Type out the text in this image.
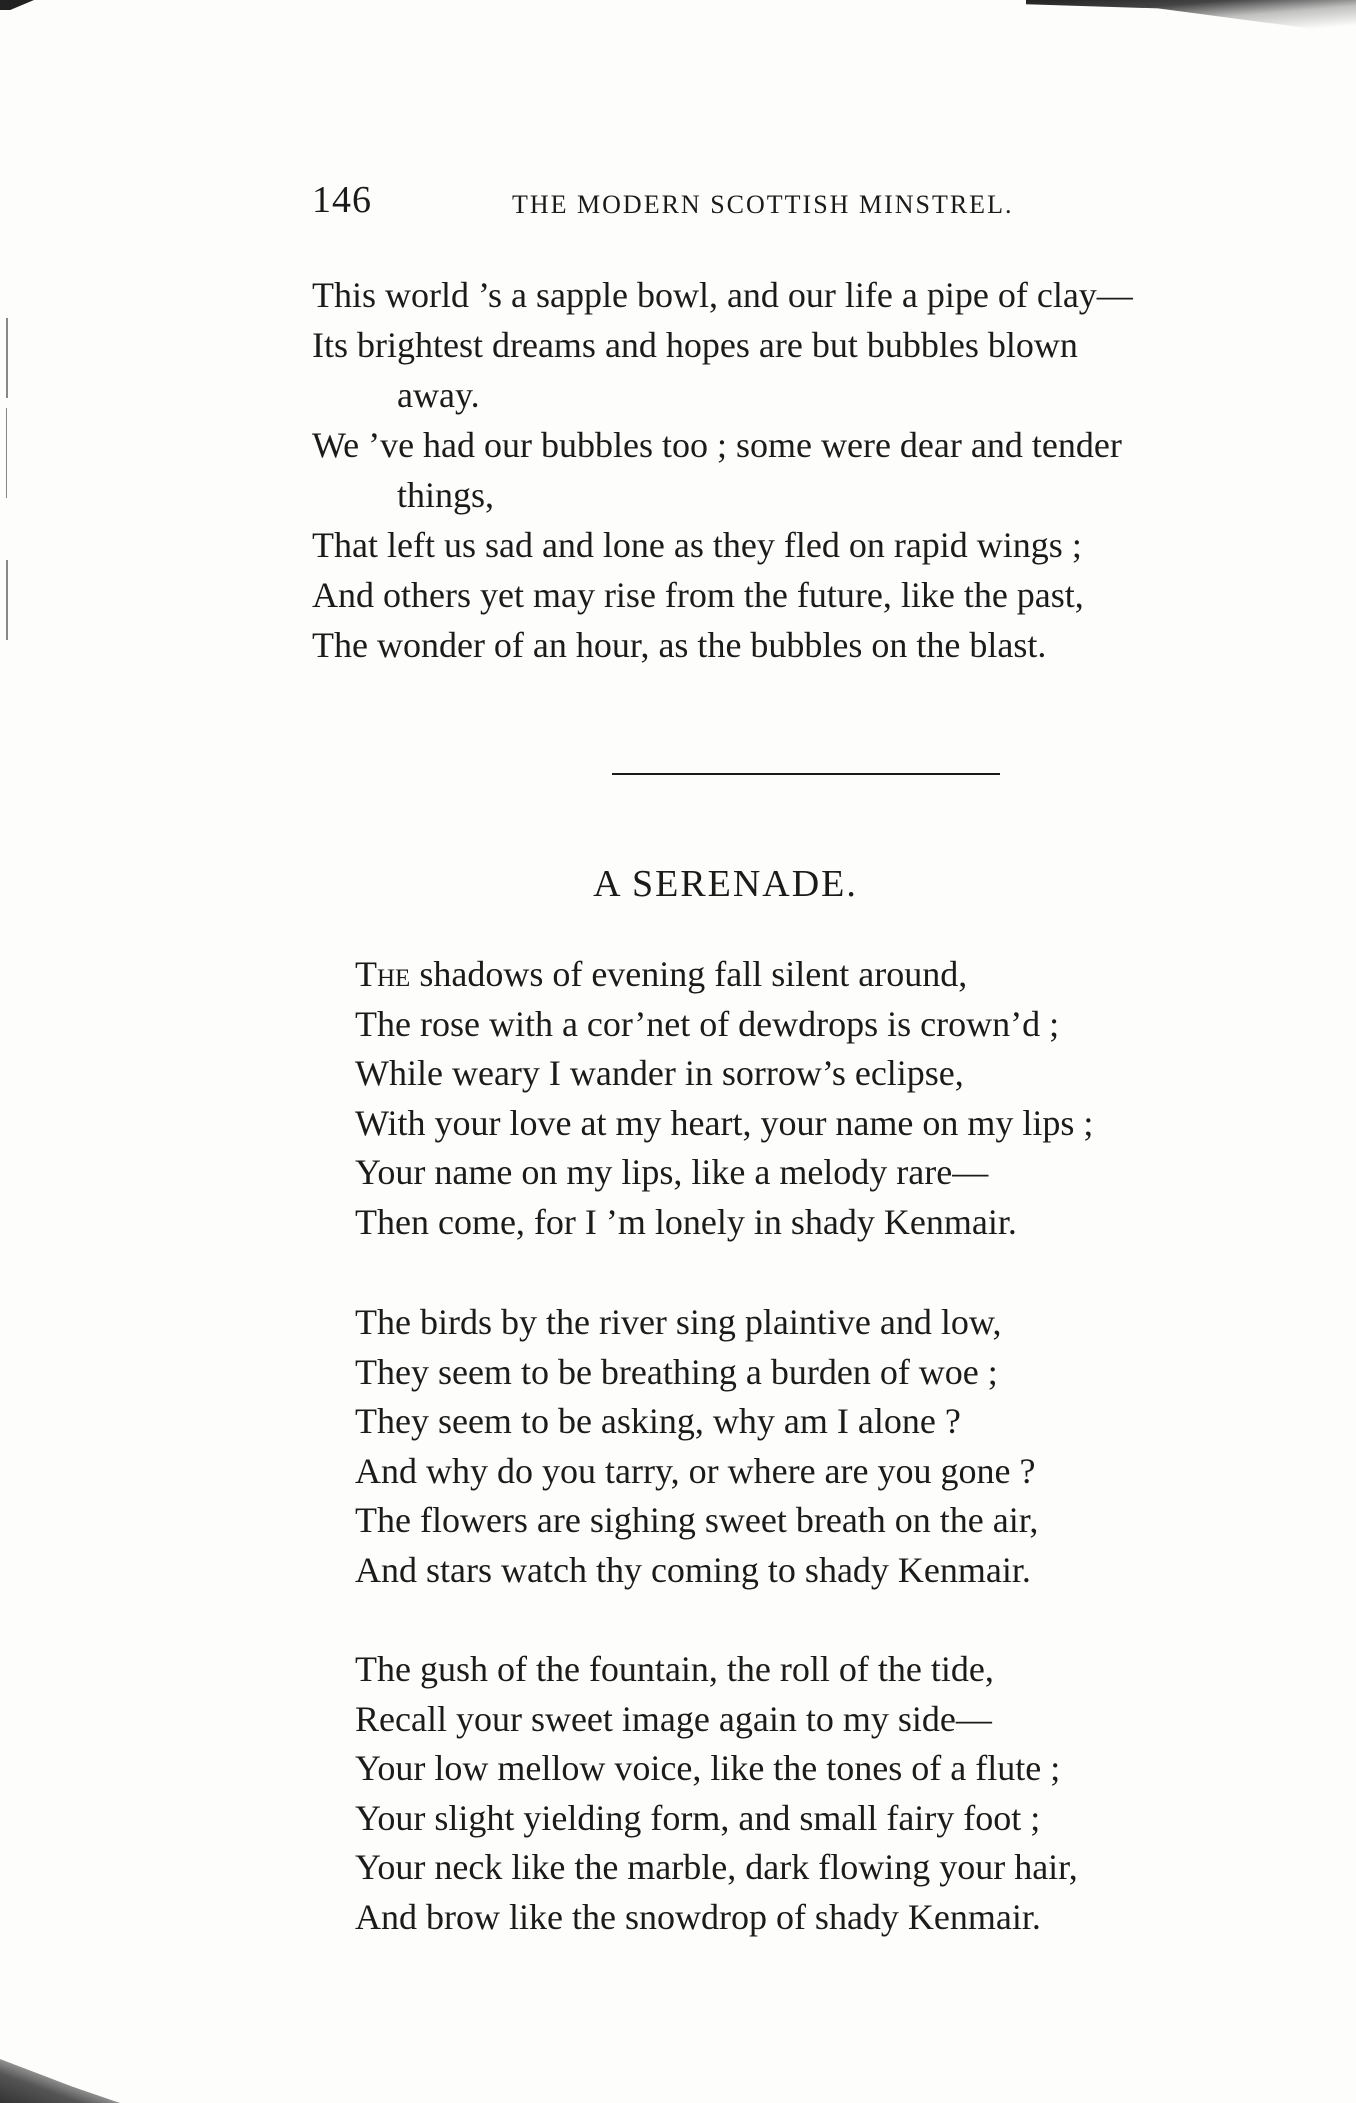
146	THE MODERN SCOTTISH MINSTREL.
This world ’s a sapple bowl, and our life a pipe of clay—
Its brightest dreams and hopes are but bubbles blown
away.
We ’ve had our bubbles too ; some were dear and tender
things,
That left us sad and lone as they fled on rapid wings ;
And others yet may rise from the future, like the past,
The wonder of an hour, as the bubbles on the blast.
A SERENADE.
The shadows of evening fall silent around,
The rose with a cor’net of dewdrops is crown’d ;
While weary I wander in sorrow’s eclipse,
With your love at my heart, your name on my lips ;
Your name on my lips, like a melody rare—
Then come, for I ’m lonely in shady Kenmair.
The birds by the river sing plaintive and low,
They seem to be breathing a burden of woe ;
They seem to be asking, why am I alone ?
And why do you tarry, or where are you gone ?
The flowers are sighing sweet breath on the air,
And stars watch thy coming to shady Kenmair.
The gush of the fountain, the roll of the tide,
Recall your sweet image again to my side—
Your low mellow voice, like the tones of a flute ;
Your slight yielding form, and small fairy foot ;
Your neck like the marble, dark flowing your hair,
And brow like the snowdrop of shady Kenmair.
